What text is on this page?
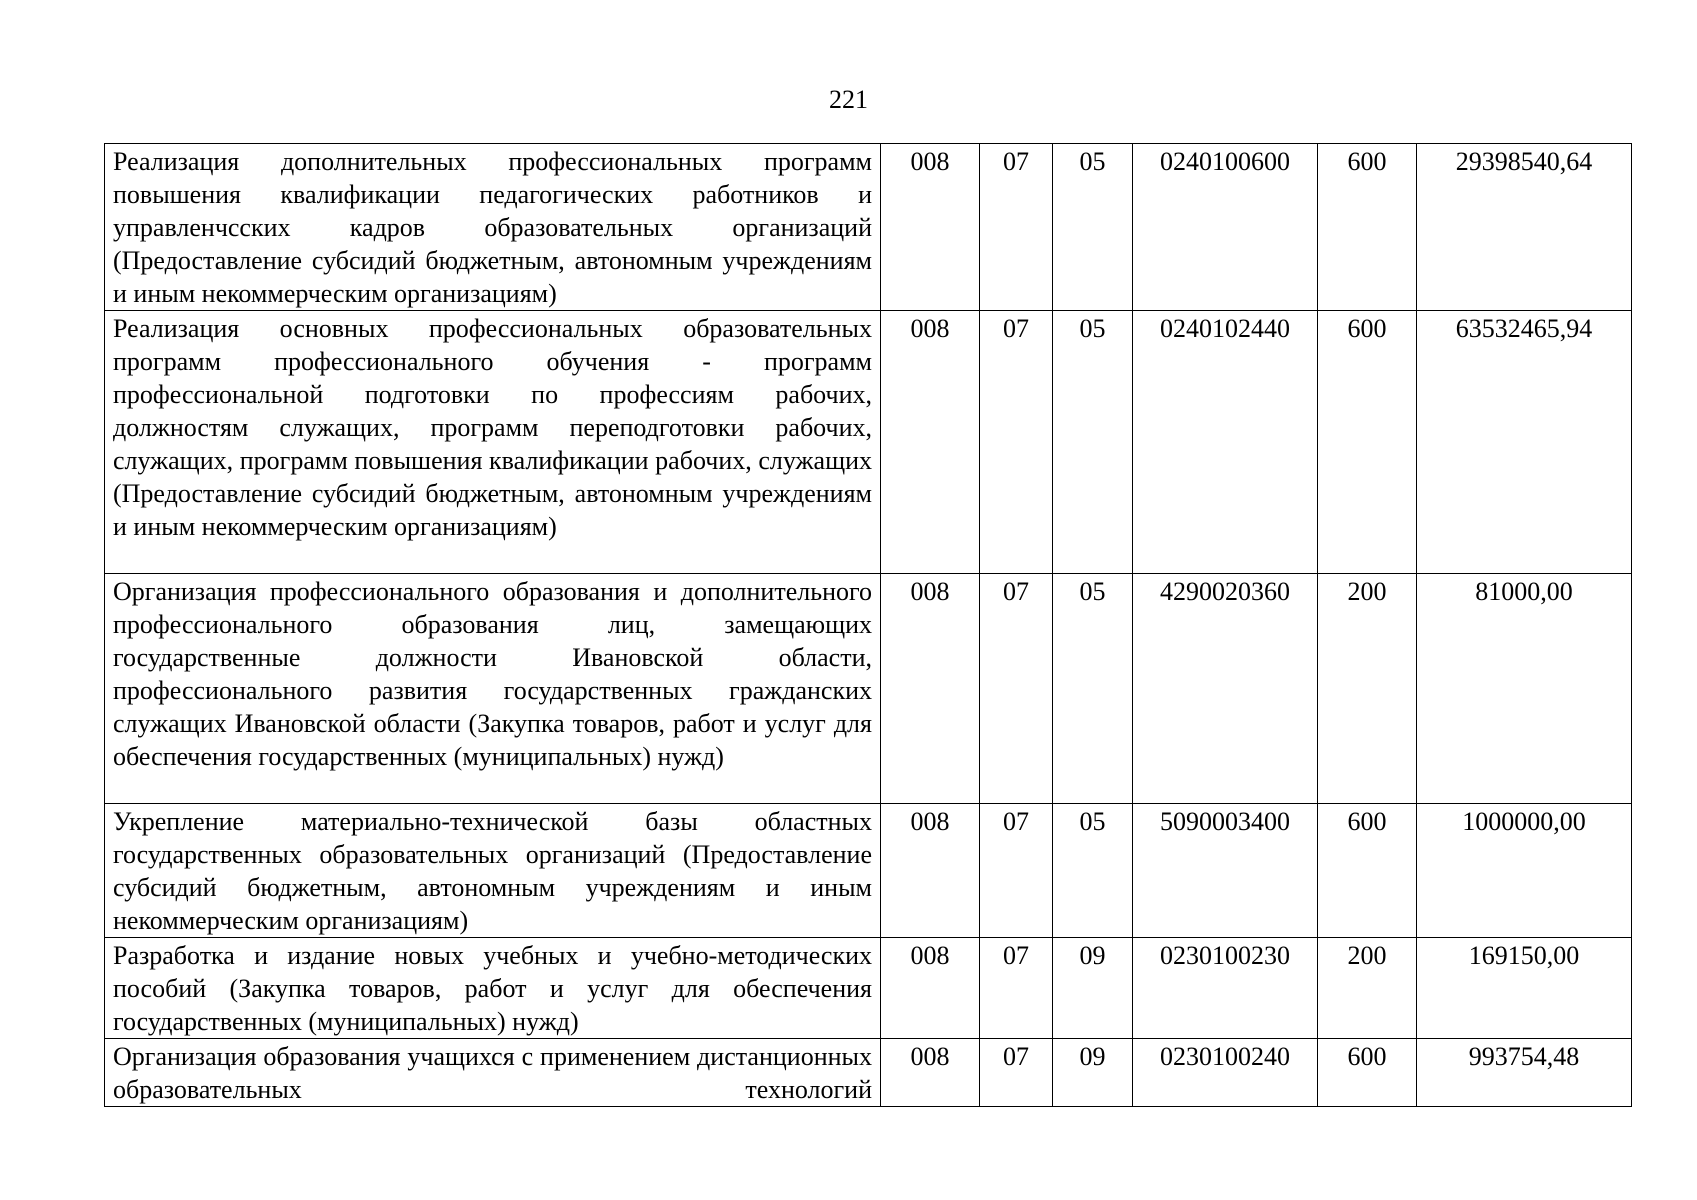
221
Реализация дополнительных профессиональных программ повышения квалификации педагогических работников и управленчсских кадров образовательных организаций (Предоставление субсидий бюджетным, автономным учреждениям и иным некоммерческим организациям)	008	07	05	0240100600	600	29398540,64
Реализация основных профессиональных образовательных программ профессионального обучения - программ профессиональной подготовки по профессиям рабочих, должностям служащих, программ переподготовки рабочих, служащих, программ повышения квалификации рабочих, служащих (Предоставление субсидий бюджетным, автономным учреждениям и иным некоммерческим организациям)	008	07	05	0240102440	600	63532465,94
Организация профессионального образования и дополнительного профессионального образования лиц, замещающих государственные должности Ивановской области, профессионального развития государственных гражданских служащих Ивановской области (Закупка товаров, работ и услуг для обеспечения государственных (муниципальных) нужд)	008	07	05	4290020360	200	81000,00
Укрепление материально-технической базы областных государственных образовательных организаций (Предоставление субсидий бюджетным, автономным учреждениям и иным некоммерческим организациям)	008	07	05	5090003400	600	1000000,00
Разработка и издание новых учебных и учебно-методических пособий (Закупка товаров, работ и услуг для обеспечения государственных (муниципальных) нужд)	008	07	09	0230100230	200	169150,00
Организация образования учащихся с применением дистанционных образовательных технологий	008	07	09	0230100240	600	993754,48
